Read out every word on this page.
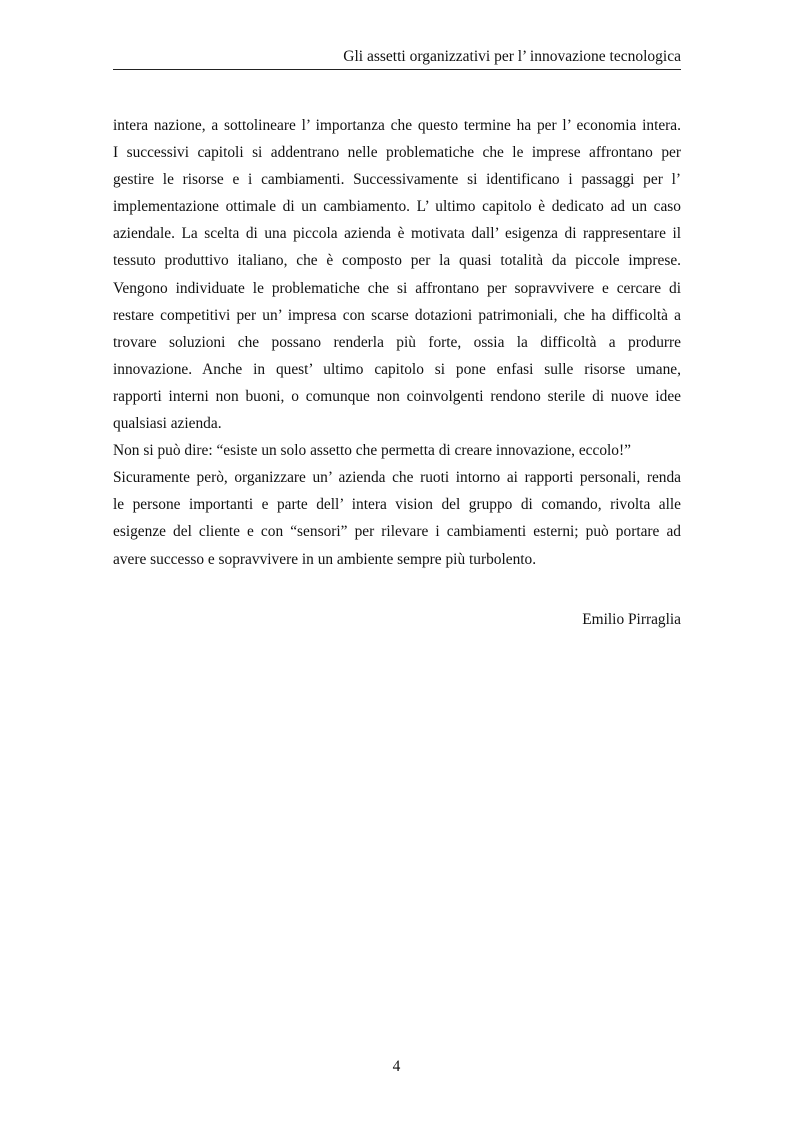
Gli assetti organizzativi per l’ innovazione tecnologica

intera nazione, a sottolineare l’ importanza che questo termine ha per l’ economia intera.
I successivi capitoli si addentrano nelle problematiche che le imprese affrontano per
gestire le risorse e i cambiamenti. Successivamente si identificano i passaggi per l’
implementazione ottimale di un cambiamento. L’ ultimo capitolo è dedicato ad un caso
aziendale. La scelta di una piccola azienda è motivata dall’ esigenza di rappresentare il
tessuto produttivo italiano, che è composto per la quasi totalità da piccole imprese.
Vengono individuate le problematiche che si affrontano per sopravvivere e cercare di
restare competitivi per un’ impresa con scarse dotazioni patrimoniali, che ha difficoltà a
trovare soluzioni che possano renderla più forte, ossia la difficoltà a produrre
innovazione. Anche in quest’ ultimo capitolo si pone enfasi sulle risorse umane,
rapporti interni non buoni, o comunque non coinvolgenti rendono sterile di nuove idee
qualsiasi azienda.

Non si può dire: “esiste un solo assetto che permetta di creare innovazione, eccolo!”

Sicuramente però, organizzare un’ azienda che ruoti intorno ai rapporti personali, renda
le persone importanti e parte dell’ intera vision del gruppo di comando, rivolta alle
esigenze del cliente e con “sensori” per rilevare i cambiamenti esterni; può portare ad
avere successo e sopravvivere in un ambiente sempre più turbolento.

Emilio Pirraglia
4
